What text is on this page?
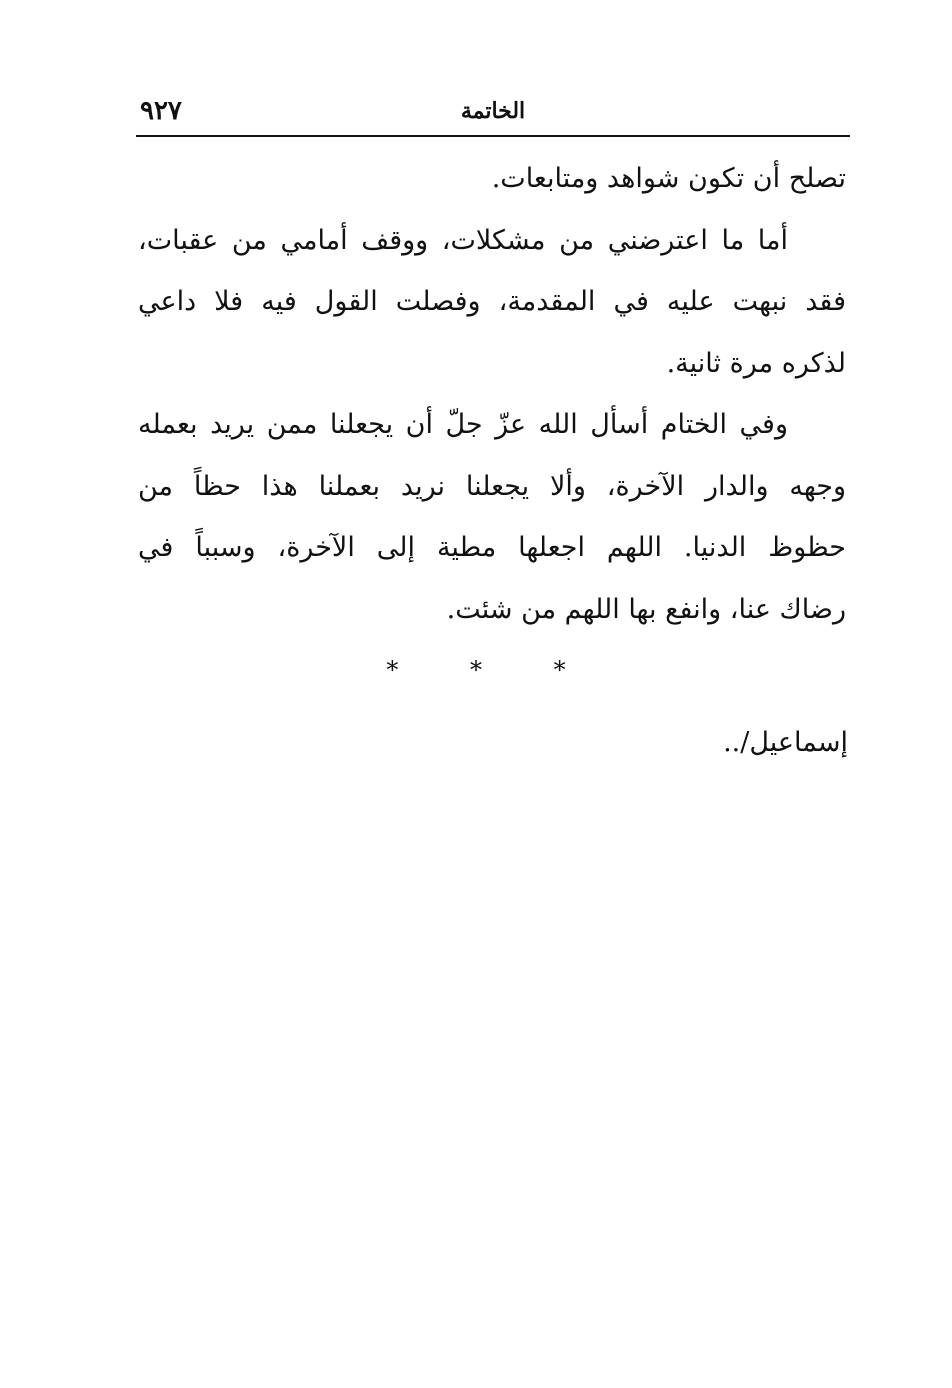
٩٢٧	الخاتمة

تصلح أن تكون شواهد ومتابعات.

أما ما اعترضني من مشكلات، ووقف أمامي من عقبات،
فقد نبهت عليه في المقدمة، وفصلت القول فيه فلا داعي
لذكره مرة ثانية.

وفي الختام أسأل الله عزّ جلّ أن يجعلنا ممن يريد بعمله
وجهه والدار الآخرة، وألا يجعلنا نريد بعملنا هذا حظاً من
حظوظ الدنيا. اللهم اجعلها مطية إلى الآخرة، وسبباً في
رضاك عنا، وانفع بها اللهم من شئت.

* * *
إسماعيل/..
